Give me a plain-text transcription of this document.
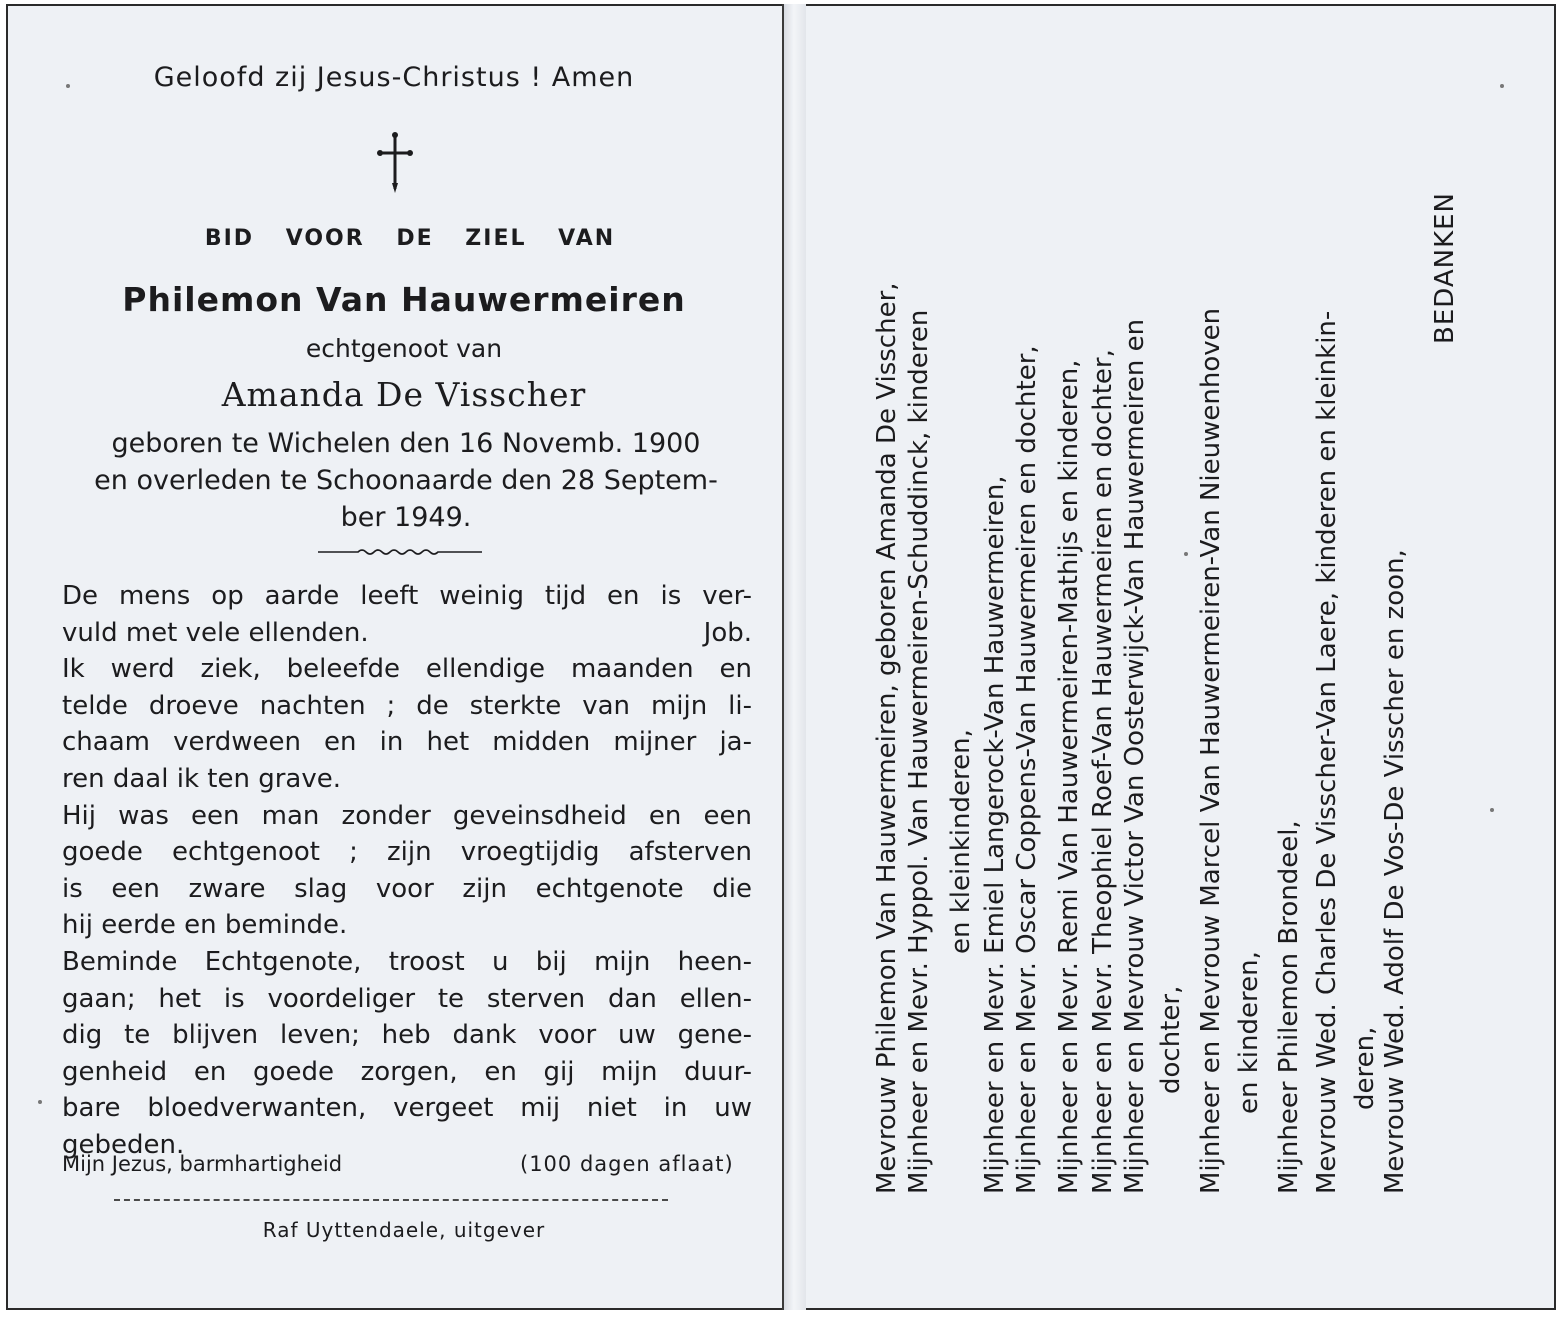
Geloofd zij Jesus-Christus ! Amen
BID VOOR DE ZIEL VAN
Philemon Van Hauwermeiren
echtgenoot van
Amanda De Visscher
geboren te Wichelen den 16 Novemb. 1900
en overleden te Schoonaarde den 28 Septem-
ber 1949.
De mens op aarde leeft weinig tijd en is ver-
vuld met vele ellenden.	Job.
Ik werd ziek, beleefde ellendige maanden en
telde droeve nachten ; de sterkte van mijn li-
chaam verdween en in het midden mijner ja-
ren daal ik ten grave.
Hij was een man zonder geveinsdheid en een
goede echtgenoot ; zijn vroegtijdig afsterven
is een zware slag voor zijn echtgenote die
hij eerde en beminde.
Beminde Echtgenote, troost u bij mijn heen-
gaan; het is voordeliger te sterven dan ellen-
dig te blijven leven; heb dank voor uw gene-
genheid en goede zorgen, en gij mijn duur-
bare bloedverwanten, vergeet mij niet in uw
gebeden.
Mijn Jezus, barmhartigheid	(100 dagen aflaat)
Raf Uyttendaele, uitgever
Mevrouw Philemon Van Hauwermeiren, geboren Amanda De Visscher, Mijnheer en Mevr. Hyppol. Van Hauwermeiren-Schuddinck, kinderen en kleinkinderen, Mijnheer en Mevr. Emiel Langerock-Van Hauwermeiren, Mijnheer en Mevr. Oscar Coppens-Van Hauwermeiren en dochter, Mijnheer en Mevr. Remi Van Hauwermeiren-Mathijs en kinderen, Mijnheer en Mevr. Theophiel Roef-Van Hauwermeiren en dochter, Mijnheer en Mevrouw Victor Van Oosterwijck-Van Hauwermeiren en dochter, Mijnheer en Mevrouw Marcel Van Hauwermeiren-Van Nieuwenhoven en kinderen, Mijnheer Philemon Brondeel, Mevrouw Wed. Charles De Visscher-Van Laere, kinderen en kleinkin- deren, Mevrouw Wed. Adolf De Vos-De Visscher en zoon,
BEDANKEN
